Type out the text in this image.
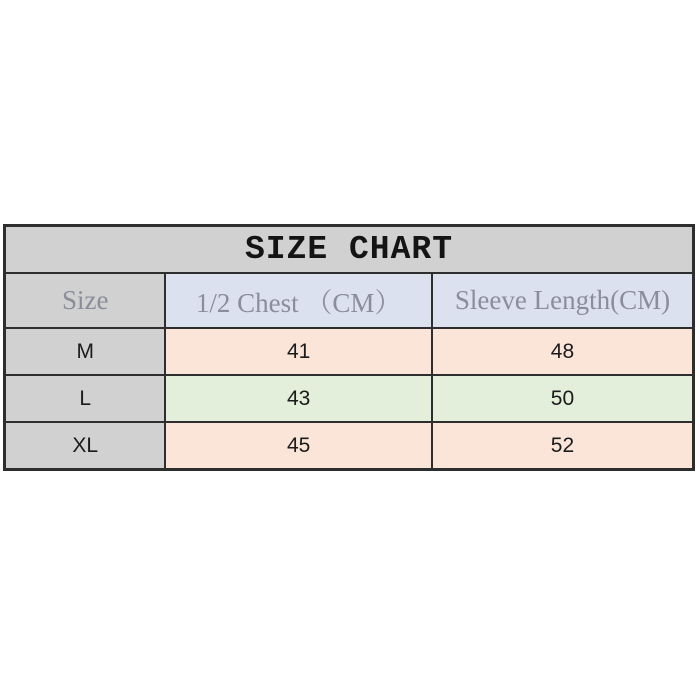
SIZE CHART		
Size	1/2 Chest （CM）	Sleeve Length(CM)
M	41	48
L	43	50
XL	45	52
